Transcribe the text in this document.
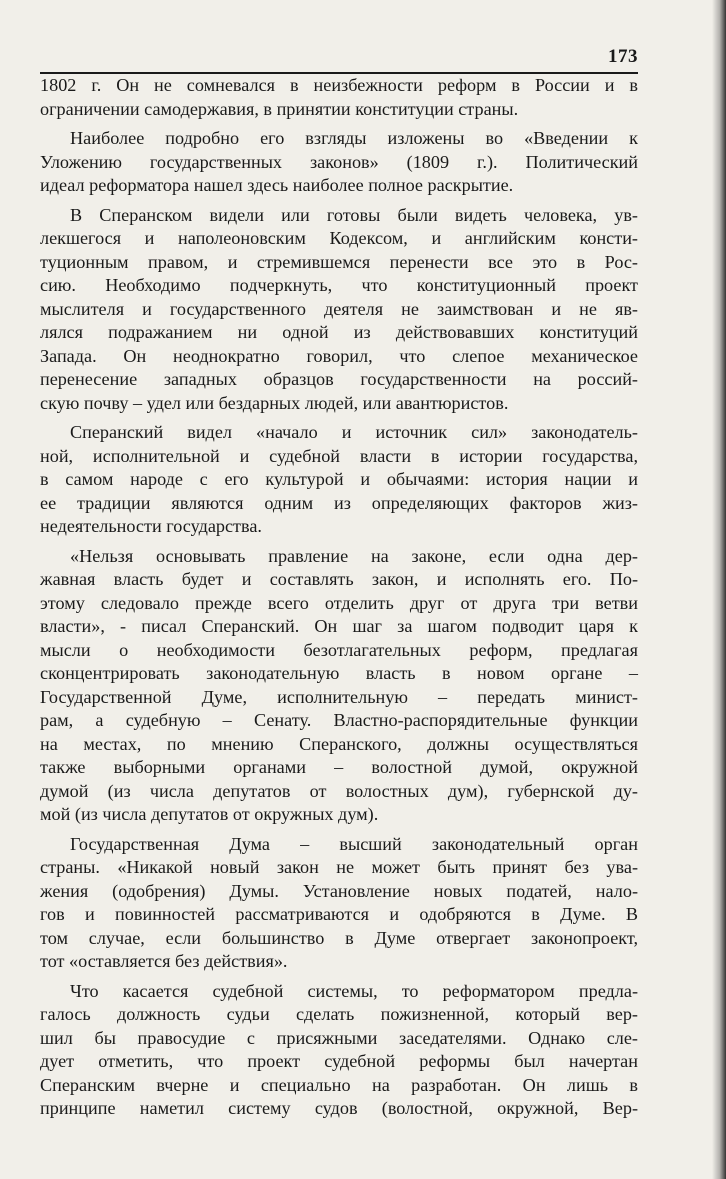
173
1802 г. Он не сомневался в неизбежности реформ в России и в
ограничении самодержавия, в принятии конституции страны.
Наиболее подробно его взгляды изложены во «Введении к
Уложению государственных законов» (1809 г.). Политический
идеал реформатора нашел здесь наиболее полное раскрытие.
В Сперанском видели или готовы были видеть человека, ув-
лекшегося и наполеоновским Кодексом, и английским консти-
туционным правом, и стремившемся перенести все это в Рос-
сию. Необходимо подчеркнуть, что конституционный проект
мыслителя и государственного деятеля не заимствован и не яв-
лялся подражанием ни одной из действовавших конституций
Запада. Он неоднократно говорил, что слепое механическое
перенесение западных образцов государственности на россий-
скую почву – удел или бездарных людей, или авантюристов.
Сперанский видел «начало и источник сил» законодатель-
ной, исполнительной и судебной власти в истории государства,
в самом народе с его культурой и обычаями: история нации и
ее традиции являются одним из определяющих факторов жиз-
недеятельности государства.
«Нельзя основывать правление на законе, если одна дер-
жавная власть будет и составлять закон, и исполнять его. По-
этому следовало прежде всего отделить друг от друга три ветви
власти», - писал Сперанский. Он шаг за шагом подводит царя к
мысли о необходимости безотлагательных реформ, предлагая
сконцентрировать законодательную власть в новом органе –
Государственной Думе, исполнительную – передать минист-
рам, а судебную – Сенату. Властно-распорядительные функции
на местах, по мнению Сперанского, должны осуществляться
также выборными органами – волостной думой, окружной
думой (из числа депутатов от волостных дум), губернской ду-
мой (из числа депутатов от окружных дум).
Государственная Дума – высший законодательный орган
страны. «Никакой новый закон не может быть принят без ува-
жения (одобрения) Думы. Установление новых податей, нало-
гов и повинностей рассматриваются и одобряются в Думе. В
том случае, если большинство в Думе отвергает законопроект,
тот «оставляется без действия».
Что касается судебной системы, то реформатором предла-
галось должность судьи сделать пожизненной, который вер-
шил бы правосудие с присяжными заседателями. Однако сле-
дует отметить, что проект судебной реформы был начертан
Сперанским вчерне и специально на разработан. Он лишь в
принципе наметил систему судов (волостной, окружной, Вер-
